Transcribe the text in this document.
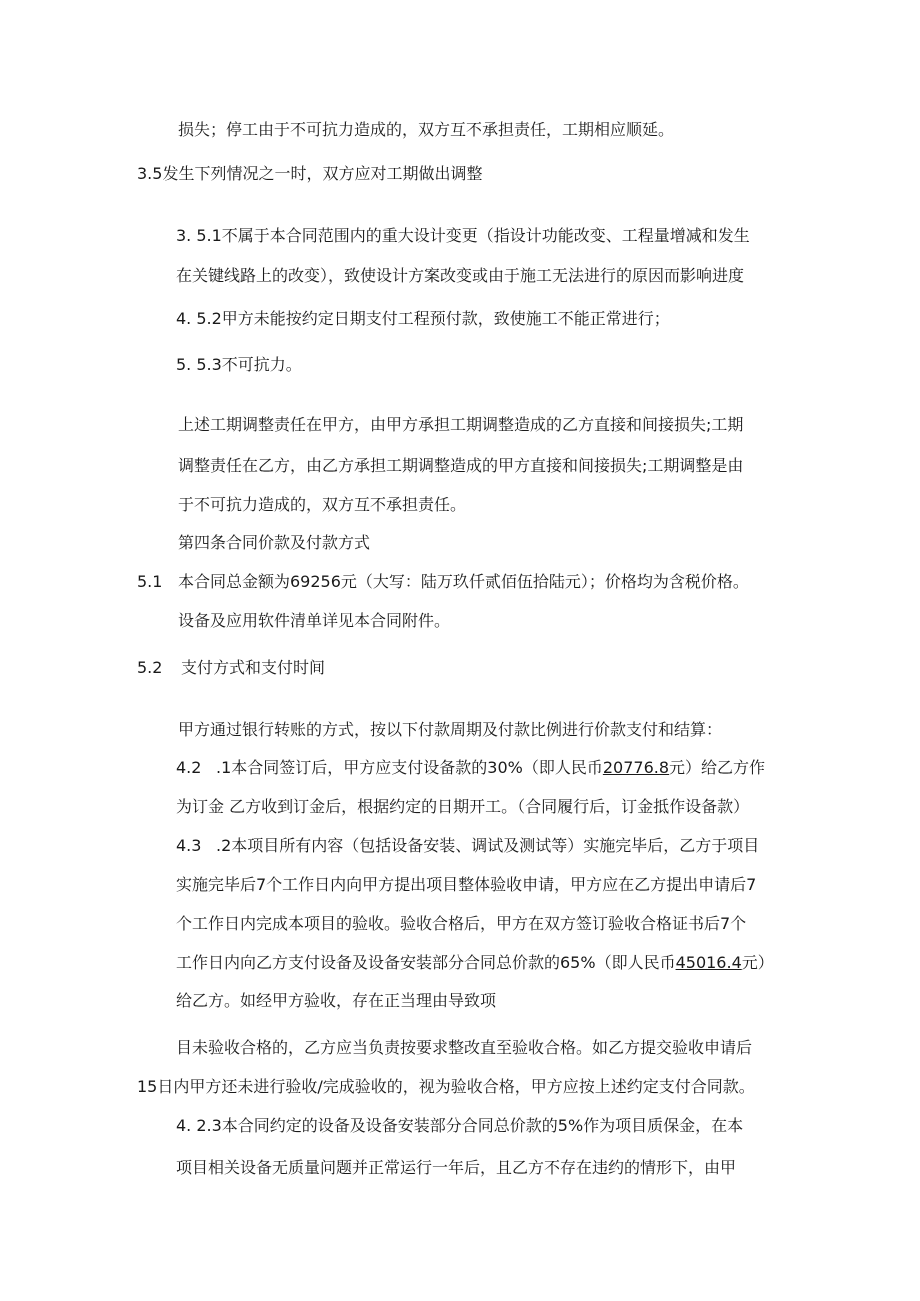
损失；停工由于不可抗力造成的，双方互不承担责任，工期相应顺延。
3.5发生下列情况之一时，双方应对工期做出调整
3. 5.1不属于本合同范围内的重大设计变更（指设计功能改变、工程量增减和发生
在关键线路上的改变），致使设计方案改变或由于施工无法进行的原因而影响进度
4. 5.2甲方未能按约定日期支付工程预付款，致使施工不能正常进行；
5. 5.3不可抗力。
上述工期调整责任在甲方，由甲方承担工期调整造成的乙方直接和间接损失;工期
调整责任在乙方，由乙方承担工期调整造成的甲方直接和间接损失;工期调整是由
于不可抗力造成的，双方互不承担责任。
第四条合同价款及付款方式
5.1 本合同总金额为69256元（大写：陆万玖仟贰佰伍拾陆元）；价格均为含税价格。
设备及应用软件清单详见本合同附件。
5.2 支付方式和支付时间
甲方通过银行转账的方式，按以下付款周期及付款比例进行价款支付和结算：
4.2 .1本合同签订后，甲方应支付设备款的30%（即人民币20776.8元）给乙方作
为订金 乙方收到订金后，根据约定的日期开工。（合同履行后，订金抵作设备款）
4.3 .2本项目所有内容（包括设备安装、调试及测试等）实施完毕后，乙方于项目
实施完毕后7个工作日内向甲方提出项目整体验收申请，甲方应在乙方提出申请后7
个工作日内完成本项目的验收。验收合格后，甲方在双方签订验收合格证书后7个
工作日内向乙方支付设备及设备安装部分合同总价款的65%（即人民币45016.4元）
给乙方。如经甲方验收，存在正当理由导致项
目未验收合格的，乙方应当负责按要求整改直至验收合格。如乙方提交验收申请后
15日内甲方还未进行验收/完成验收的，视为验收合格，甲方应按上述约定支付合同款。
4. 2.3本合同约定的设备及设备安装部分合同总价款的5%作为项目质保金，在本
项目相关设备无质量问题并正常运行一年后，且乙方不存在违约的情形下，由甲
